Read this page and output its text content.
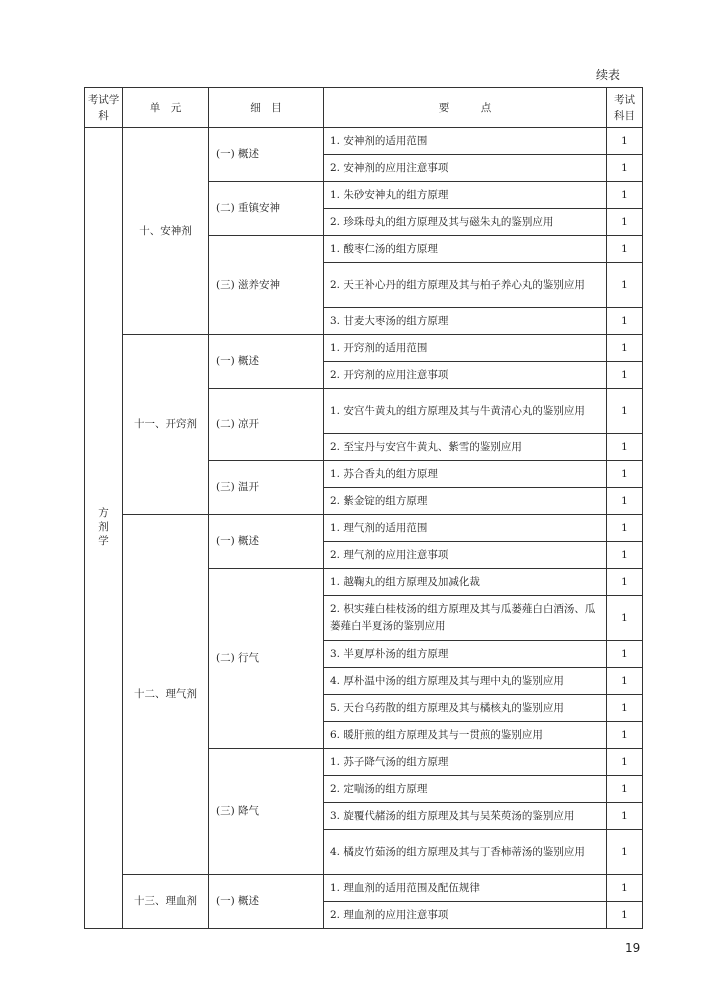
续表
考试学科	单　元	细　目	要　　　点	考试科目
方剂学	十、安神剂	(一) 概述	1. 安神剂的适用范围	1
			2. 安神剂的应用注意事项	1
		(二) 重镇安神	1. 朱砂安神丸的组方原理	1
			2. 珍珠母丸的组方原理及其与磁朱丸的鉴别应用	1
		(三) 滋养安神	1. 酸枣仁汤的组方原理	1
			2. 天王补心丹的组方原理及其与柏子养心丸的鉴别应用	1
			3. 甘麦大枣汤的组方原理	1
	十一、开窍剂	(一) 概述	1. 开窍剂的适用范围	1
			2. 开窍剂的应用注意事项	1
		(二) 凉开	1. 安宫牛黄丸的组方原理及其与牛黄清心丸的鉴别应用	1
			2. 至宝丹与安宫牛黄丸、紫雪的鉴别应用	1
		(三) 温开	1. 苏合香丸的组方原理	1
			2. 紫金锭的组方原理	1
	十二、理气剂	(一) 概述	1. 理气剂的适用范围	1
			2. 理气剂的应用注意事项	1
		(二) 行气	1. 越鞠丸的组方原理及加减化裁	1
			2. 枳实薤白桂枝汤的组方原理及其与瓜蒌薤白白酒汤、瓜蒌薤白半夏汤的鉴别应用	1
			3. 半夏厚朴汤的组方原理	1
			4. 厚朴温中汤的组方原理及其与理中丸的鉴别应用	1
			5. 天台乌药散的组方原理及其与橘核丸的鉴别应用	1
			6. 暖肝煎的组方原理及其与一贯煎的鉴别应用	1
		(三) 降气	1. 苏子降气汤的组方原理	1
			2. 定喘汤的组方原理	1
			3. 旋覆代赭汤的组方原理及其与吴茱萸汤的鉴别应用	1
			4. 橘皮竹茹汤的组方原理及其与丁香柿蒂汤的鉴别应用	1
	十三、理血剂	(一) 概述	1. 理血剂的适用范围及配伍规律	1
			2. 理血剂的应用注意事项	1
19
